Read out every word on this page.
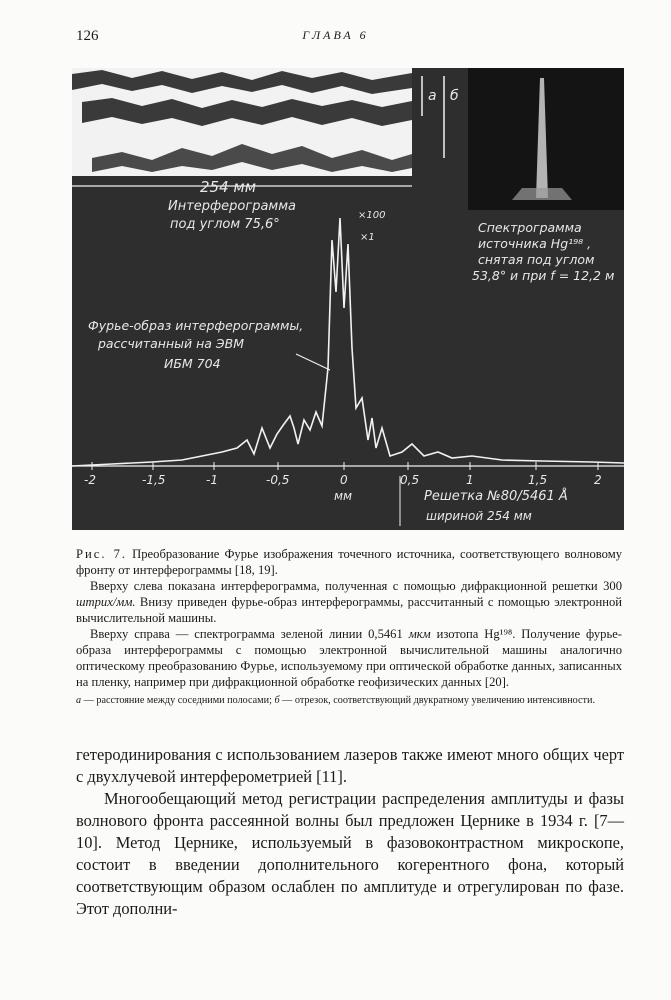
126	ГЛАВА 6
а б
254 мм
Интерферограмма
под углом 75,6°	Спектрограмма
источника Hg¹⁹⁸ ,
снятая под углом
53,8° и при f = 12,2 м
×100
×1
Фурье-образ интерферограммы,
рассчитанный на ЭВМ
ИБМ 704
-2	-1,5	-1	-0,5	0	0,5	1	1,5	2
мм	Решетка №80/5461 Å
шириной 254 мм

Рис. 7. Преобразование Фурье изображения точечного источника, соответствующего волновому фронту от интерферограммы [18, 19].

Вверху слева показана интерферограмма, полученная с помощью дифракционной решетки 300 штрих/мм. Внизу приведен фурье-образ интерферограммы, рассчитанный с помощью электронной вычислительной машины.

Вверху справа — спектрограмма зеленой линии 0,5461 мкм изотопа Hg¹⁹⁸. Получение фурье-образа интерферограммы с помощью электронной вычислительной машины аналогично оптическому преобразованию Фурье, используемому при оптической обработке данных, записанных на пленку, например при дифракционной обработке геофизических данных [20].

а — расстояние между соседними полосами; б — отрезок, соответствующий двукратному увеличению интенсивности.

гетеродинирования с использованием лазеров также имеют много общих черт с двухлучевой интерферометрией [11].

Многообещающий метод регистрации распределения амплитуды и фазы волнового фронта рассеянной волны был предложен Цернике в 1934 г. [7—10]. Метод Цернике, используемый в фазовоконтрастном микроскопе, состоит в введении дополнительного когерентного фона, который соответствующим образом ослаблен по амплитуде и отрегулирован по фазе. Этот дополни-
